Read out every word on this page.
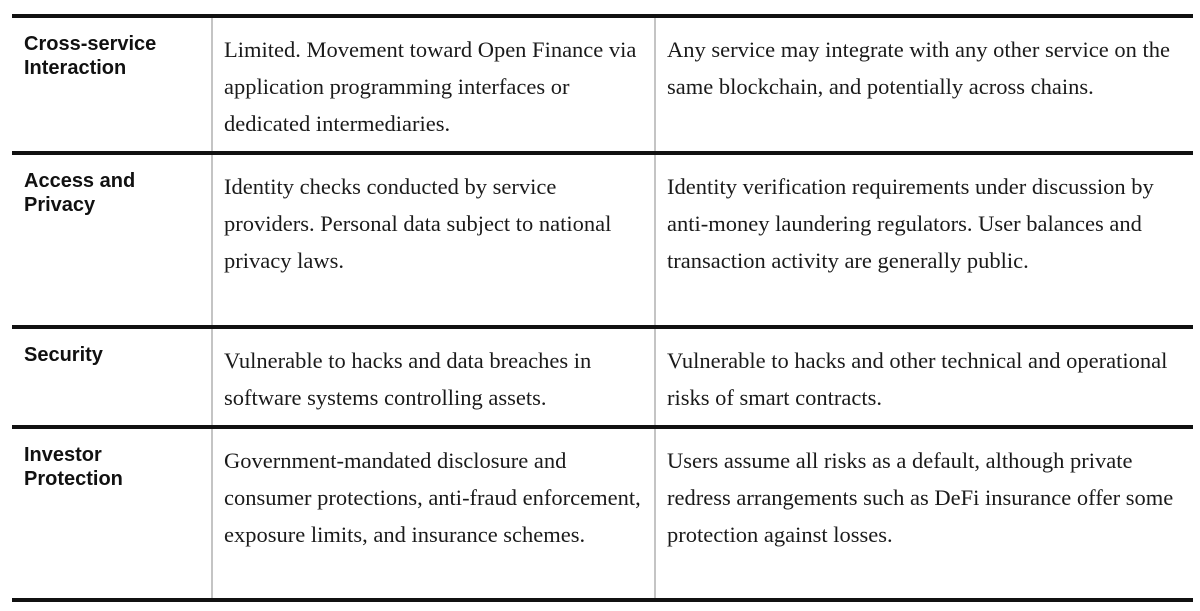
Cross-service Interaction	Limited. Movement toward Open Finance via application programming interfaces or dedicated intermediaries.	Any service may integrate with any other service on the same blockchain, and potentially across chains.
Access and Privacy	Identity checks conducted by service providers. Personal data subject to national privacy laws.	Identity verification requirements under discussion by anti-money laundering regulators. User balances and transaction activity are generally public.
Security	Vulnerable to hacks and data breaches in software systems controlling assets.	Vulnerable to hacks and other technical and operational risks of smart contracts.
Investor Protection	Government-mandated disclosure and consumer protections, anti-fraud enforcement, exposure limits, and insurance schemes.	Users assume all risks as a default, although private redress arrangements such as DeFi insurance offer some protection against losses.
